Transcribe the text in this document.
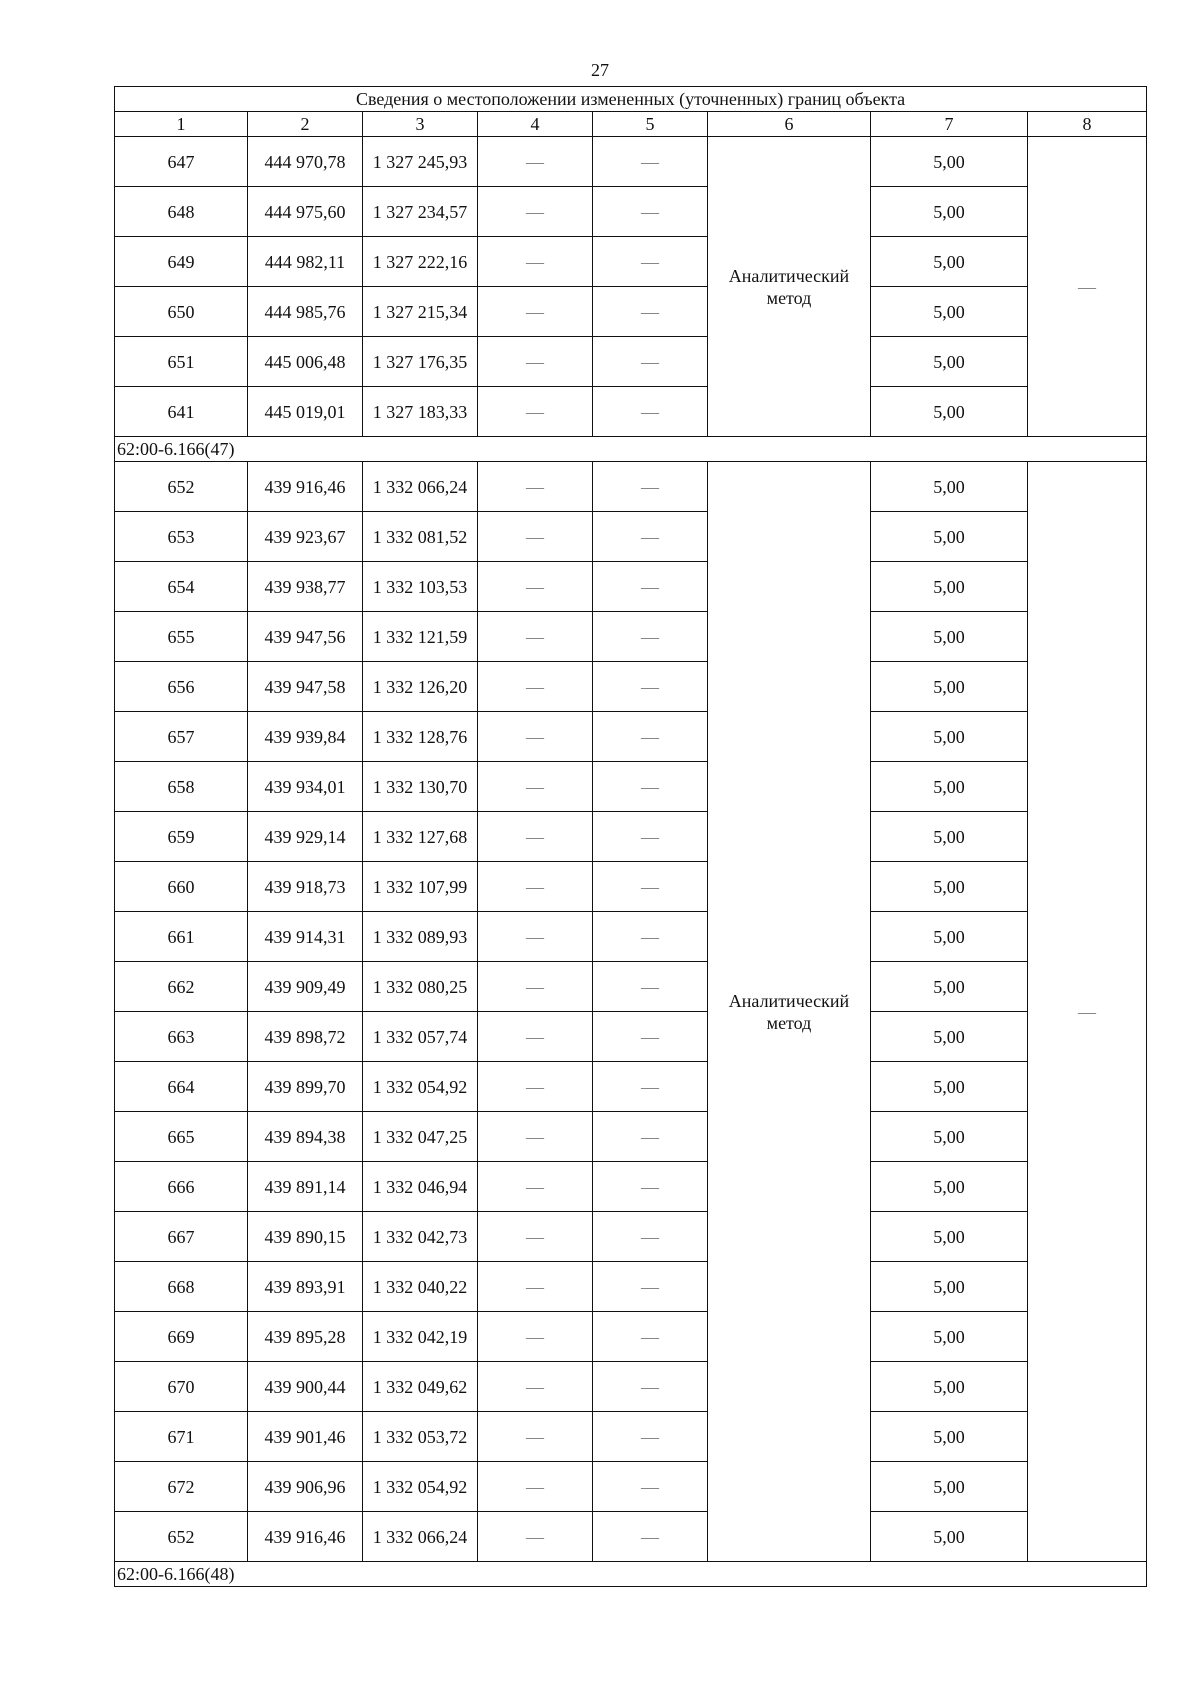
27
Сведения о местоположении измененных (уточненных) границ объекта							
1	2	3	4	5	6	7	8
647	444 970,78	1 327 245,93	—	—	Аналитический метод	5,00	—
648	444 975,60	1 327 234,57	—	—		5,00	
649	444 982,11	1 327 222,16	—	—		5,00	
650	444 985,76	1 327 215,34	—	—		5,00	
651	445 006,48	1 327 176,35	—	—		5,00	
641	445 019,01	1 327 183,33	—	—		5,00	
62:00-6.166(47)							
652	439 916,46	1 332 066,24	—	—	Аналитический метод	5,00	—
653	439 923,67	1 332 081,52	—	—		5,00	
654	439 938,77	1 332 103,53	—	—		5,00	
655	439 947,56	1 332 121,59	—	—		5,00	
656	439 947,58	1 332 126,20	—	—		5,00	
657	439 939,84	1 332 128,76	—	—		5,00	
658	439 934,01	1 332 130,70	—	—		5,00	
659	439 929,14	1 332 127,68	—	—		5,00	
660	439 918,73	1 332 107,99	—	—		5,00	
661	439 914,31	1 332 089,93	—	—		5,00	
662	439 909,49	1 332 080,25	—	—		5,00	
663	439 898,72	1 332 057,74	—	—		5,00	
664	439 899,70	1 332 054,92	—	—		5,00	
665	439 894,38	1 332 047,25	—	—		5,00	
666	439 891,14	1 332 046,94	—	—		5,00	
667	439 890,15	1 332 042,73	—	—		5,00	
668	439 893,91	1 332 040,22	—	—		5,00	
669	439 895,28	1 332 042,19	—	—		5,00	
670	439 900,44	1 332 049,62	—	—		5,00	
671	439 901,46	1 332 053,72	—	—		5,00	
672	439 906,96	1 332 054,92	—	—		5,00	
652	439 916,46	1 332 066,24	—	—		5,00	
62:00-6.166(48)							
